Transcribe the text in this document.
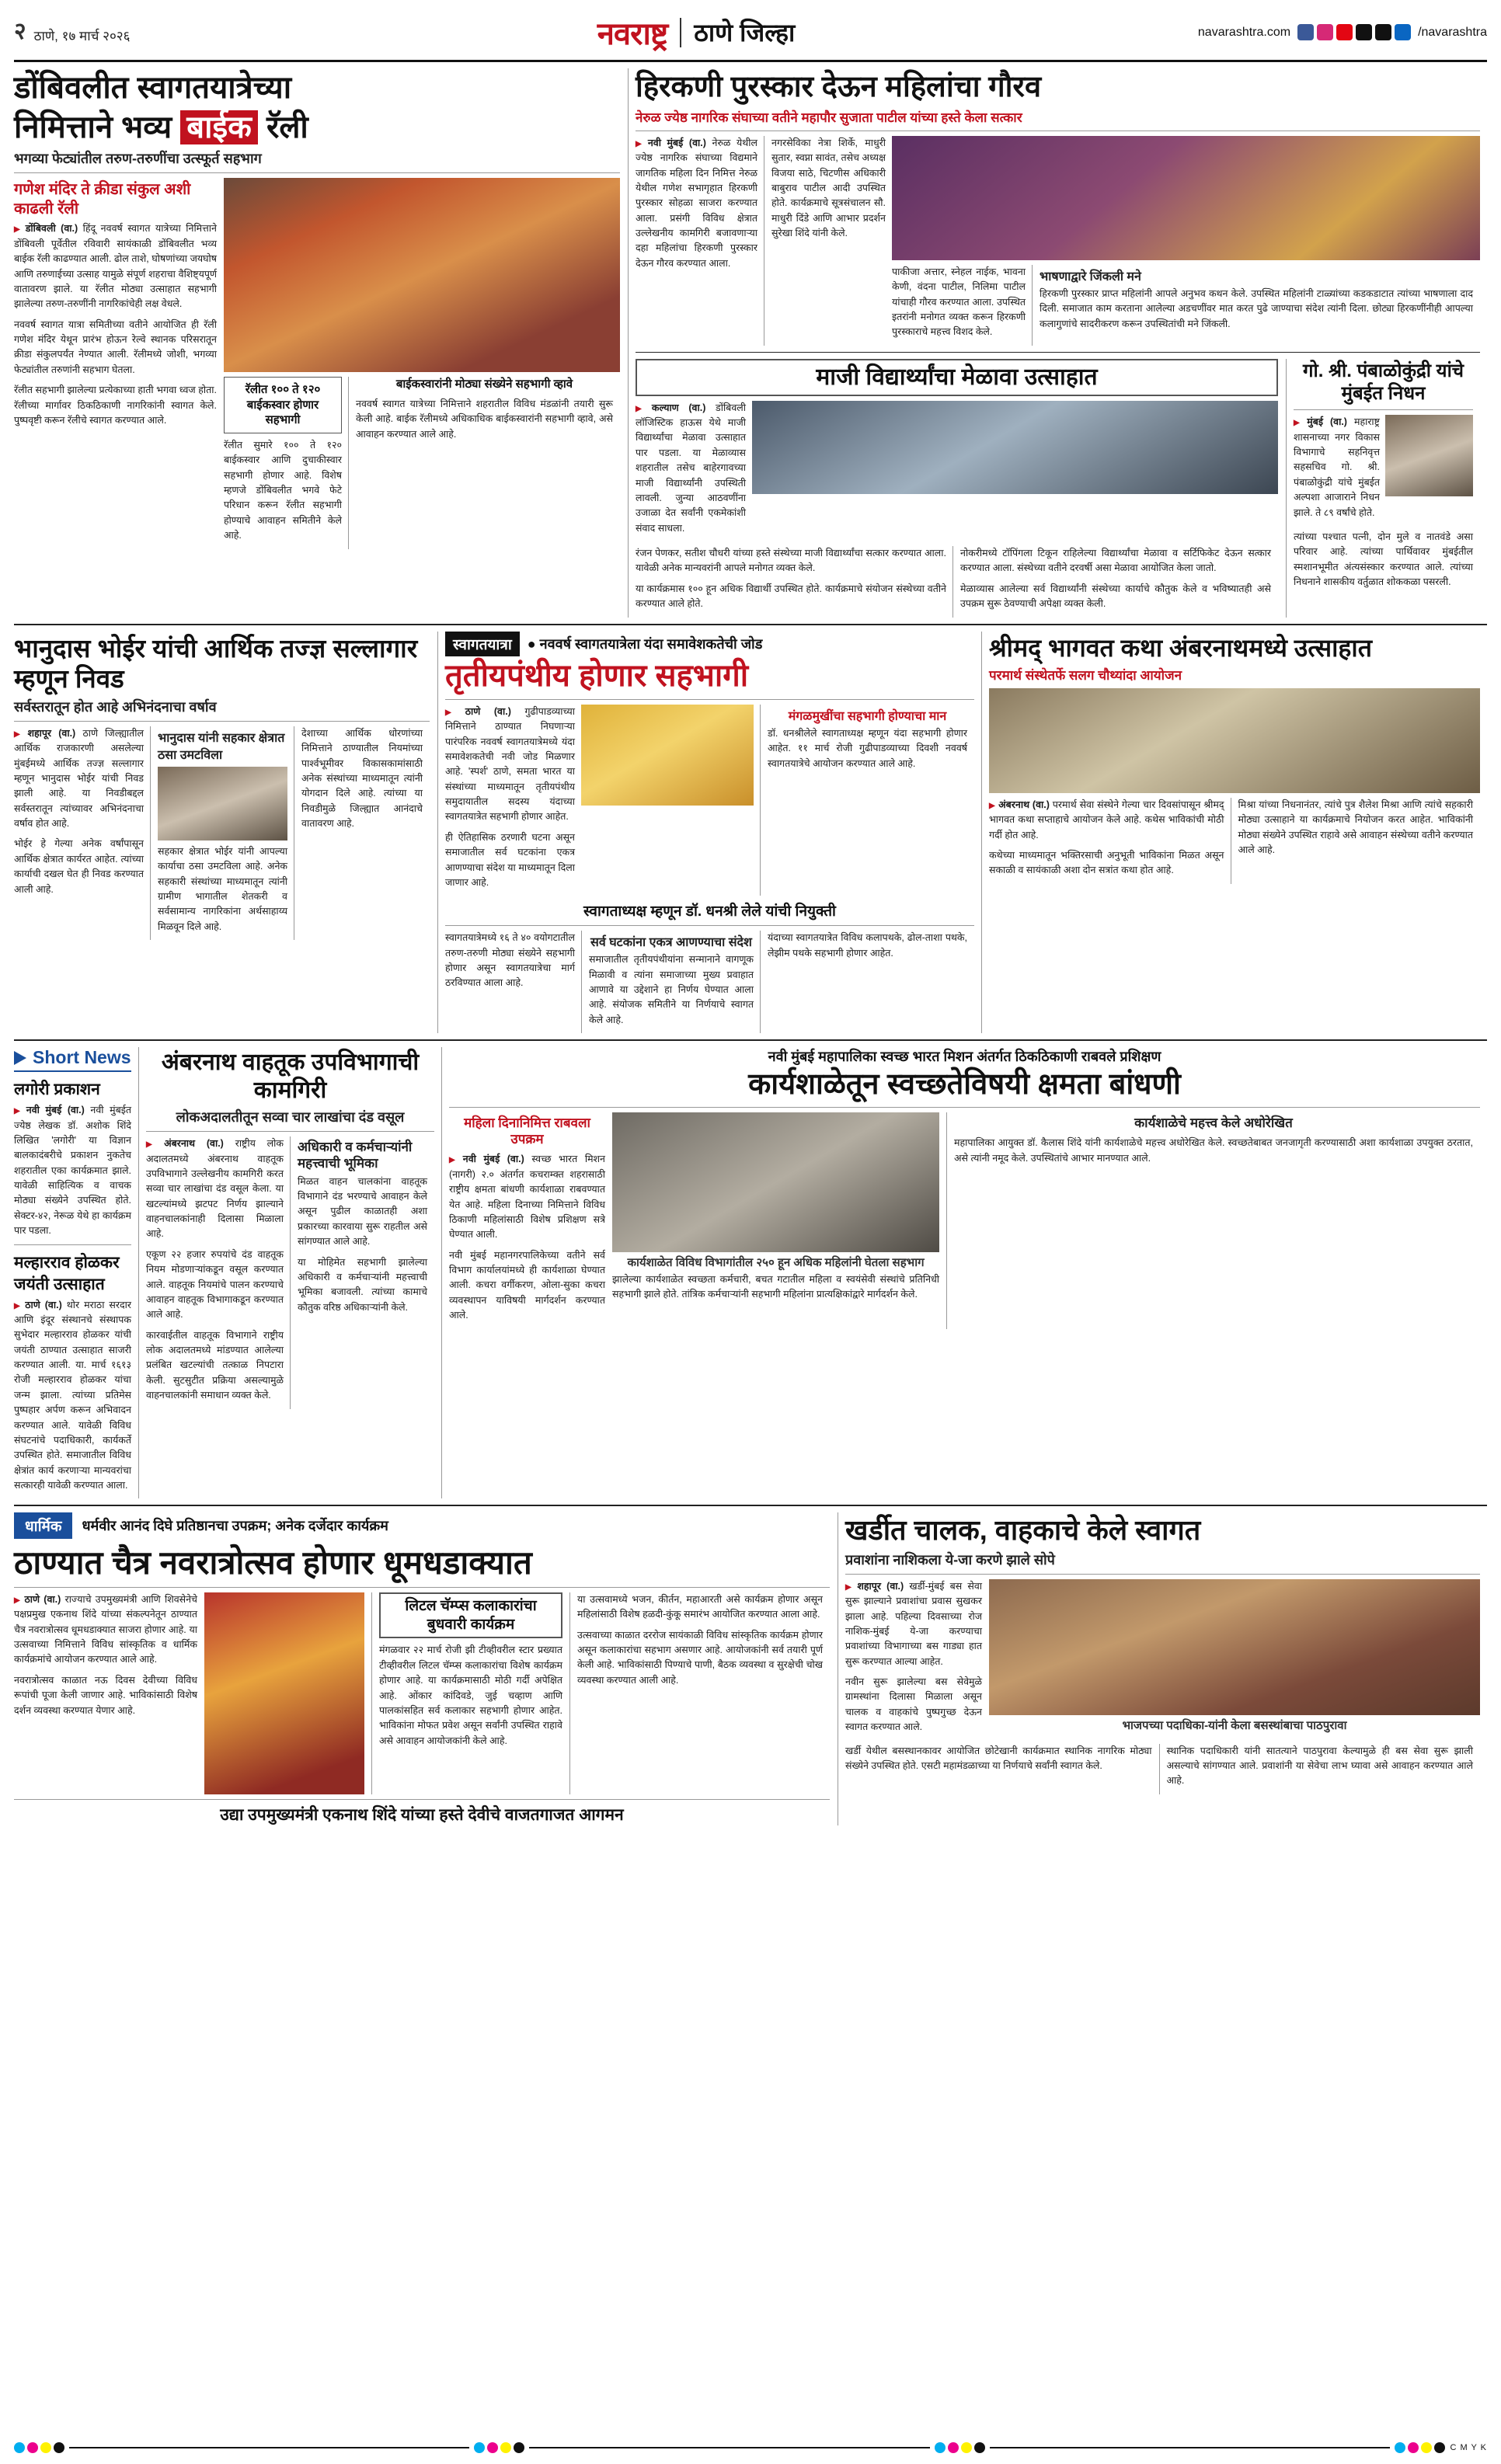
२ ठाणे, १७ मार्च २०२६	नवराष्ट्र ठाणे जिल्हा	navarashtra.com	/navarashtra
डोंबिवलीत स्वागतयात्रेच्या
निमित्ताने भव्य बाईक रॅली
भगव्या फेट्यांतील तरुण-तरुणींचा उत्स्फूर्त सहभाग
गणेश मंदिर ते क्रीडा संकुल अशी काढली रॅली

▶ डोंबिवली (वा.) हिंदू नववर्ष स्वागत यात्रेच्या निमित्ताने डोंबिवली पूर्वेतील रविवारी सायंकाळी डोंबिवलीत भव्य बाईक रॅली काढण्यात आली. ढोल ताशे, घोषणांच्या जयघोष आणि तरुणाईच्या उत्साह यामुळे संपूर्ण शहराचा वैशिष्ट्यपूर्ण वातावरण झाले. या रॅलीत मोठ्या उत्साहात सहभागी झालेल्या तरुण-तरुणींनी नागरिकांचेही लक्ष वेधले.

नववर्ष स्वागत यात्रा समितीच्या वतीने आयोजित ही रॅली गणेश मंदिर येथून प्रारंभ होऊन रेल्वे स्थानक परिसरातून क्रीडा संकुलपर्यंत नेण्यात आली. रॅलीमध्ये जोशी, भगव्या फेट्यांतील तरुणांनी सहभाग घेतला.

रॅलीत सहभागी झालेल्या प्रत्येकाच्या हाती भगवा ध्वज होता. रॅलीच्या मार्गावर ठिकठिकाणी नागरिकांनी स्वागत केले. पुष्पवृष्टी करून रॅलीचे स्वागत करण्यात आले.

रॅलीत १०० ते १२० बाईकस्वार होणार सहभागी

रॅलीत सुमारे १०० ते १२० बाईकस्वार आणि दुचाकीस्वार सहभागी होणार आहे. विशेष म्हणजे डोंबिवलीत भगवे फेटे परिधान करून रॅलीत सहभागी होण्याचे आवाहन समितीने केले आहे.

बाईकस्वारांनी मोठ्या संख्येने सहभागी व्हावे

नववर्ष स्वागत यात्रेच्या निमित्ताने शहरातील विविध मंडळांनी तयारी सुरू केली आहे. बाईक रॅलीमध्ये अधिकाधिक बाईकस्वारांनी सहभागी व्हावे, असे आवाहन करण्यात आले आहे.

हिरकणी पुरस्कार देऊन महिलांचा गौरव
नेरुळ ज्येष्ठ नागरिक संघाच्या वतीने महापौर सुजाता पाटील यांच्या हस्ते केला सत्कार

▶ नवी मुंबई (वा.) नेरुळ येथील ज्येष्ठ नागरिक संघाच्या विद्यमाने जागतिक महिला दिन निमित्त नेरुळ येथील गणेश सभागृहात हिरकणी पुरस्कार सोहळा साजरा करण्यात आला. प्रसंगी विविध क्षेत्रात उल्लेखनीय कामगिरी बजावणाऱ्या दहा महिलांचा हिरकणी पुरस्कार देऊन गौरव करण्यात आला.

नगरसेविका नेत्रा शिर्के, माधुरी सुतार, स्वप्ना सावंत, तसेच अध्यक्ष विजया साठे, चिटणीस अधिकारी बाबुराव पाटील आदी उपस्थित होते. कार्यक्रमाचे सूत्रसंचालन सौ. माधुरी दिंडे आणि आभार प्रदर्शन सुरेखा शिंदे यांनी केले.

पाकीजा अत्तार, स्नेहल नाईक, भावना केणी, वंदना पाटील, निलिमा पाटील यांचाही गौरव करण्यात आला. उपस्थित इतरांनी मनोगत व्यक्त करून हिरकणी पुरस्काराचे महत्त्व विशद केले.

भाषणाद्वारे जिंकली मने

हिरकणी पुरस्कार प्राप्त महिलांनी आपले अनुभव कथन केले. उपस्थित महिलांनी टाळ्यांच्या कडकडाटात त्यांच्या भाषणाला दाद दिली. समाजात काम करताना आलेल्या अडचणींवर मात करत पुढे जाण्याचा संदेश त्यांनी दिला. छोट्या हिरकणींनीही आपल्या कलागुणांचे सादरीकरण करून उपस्थितांची मने जिंकली.

माजी विद्यार्थ्यांचा मेळावा उत्साहात

▶ कल्याण (वा.) डोंबिवली लॉजिस्टिक हाऊस येथे माजी विद्यार्थ्यांचा मेळावा उत्साहात पार पडला. या मेळाव्यास शहरातील तसेच बाहेरगावच्या माजी विद्यार्थ्यांनी उपस्थिती लावली. जुन्या आठवणींना उजाळा देत सर्वांनी एकमेकांशी संवाद साधला.

रंजन पेणकर, सतीश चौधरी यांच्या हस्ते संस्थेच्या माजी विद्यार्थ्यांचा सत्कार करण्यात आला. यावेळी अनेक मान्यवरांनी आपले मनोगत व्यक्त केले.

या कार्यक्रमास १०० हून अधिक विद्यार्थी उपस्थित होते. कार्यक्रमाचे संयोजन संस्थेच्या वतीने करण्यात आले होते.

नोकरीमध्ये टॉपिंगला टिकून राहिलेल्या विद्यार्थ्यांचा मेळावा व सर्टिफिकेट देऊन सत्कार करण्यात आला. संस्थेच्या वतीने दरवर्षी असा मेळावा आयोजित केला जातो.

मेळाव्यास आलेल्या सर्व विद्यार्थ्यांनी संस्थेच्या कार्याचे कौतुक केले व भविष्यातही असे उपक्रम सुरू ठेवण्याची अपेक्षा व्यक्त केली.

गो. श्री. पंबाळोकुंद्री यांचे मुंबईत निधन

▶ मुंबई (वा.) महाराष्ट्र शासनाच्या नगर विकास विभागाचे सहनिवृत्त सहसचिव गो. श्री. पंबाळोकुंद्री यांचे मुंबईत अल्पशा आजाराने निधन झाले. ते ८९ वर्षांचे होते.

त्यांच्या पश्चात पत्नी, दोन मुले व नातवंडे असा परिवार आहे. त्यांच्या पार्थिवावर मुंबईतील स्मशानभूमीत अंत्यसंस्कार करण्यात आले. त्यांच्या निधनाने शासकीय वर्तुळात शोककळा पसरली.

भानुदास भोईर यांची आर्थिक तज्ज्ञ सल्लागार म्हणून निवड
सर्वस्तरातून होत आहे अभिनंदनाचा वर्षाव

▶ शहापूर (वा.) ठाणे जिल्ह्यातील आर्थिक राजकारणी असलेल्या मुंबईमध्ये आर्थिक तज्ज्ञ सल्लागार म्हणून भानुदास भोईर यांची निवड झाली आहे. या निवडीबद्दल सर्वस्तरातून त्यांच्यावर अभिनंदनाचा वर्षाव होत आहे.

भोईर हे गेल्या अनेक वर्षांपासून आर्थिक क्षेत्रात कार्यरत आहेत. त्यांच्या कार्याची दखल घेत ही निवड करण्यात आली आहे.

भानुदास यांनी सहकार क्षेत्रात ठसा उमटविला

सहकार क्षेत्रात भोईर यांनी आपल्या कार्याचा ठसा उमटविला आहे. अनेक सहकारी संस्थांच्या माध्यमातून त्यांनी ग्रामीण भागातील शेतकरी व सर्वसामान्य नागरिकांना अर्थसाहाय्य मिळवून दिले आहे.

देशाच्या आर्थिक धोरणांच्या निमित्ताने ठाण्यातील नियमांच्या पार्श्वभूमीवर विकासकामांसाठी अनेक संस्थांच्या माध्यमातून त्यांनी योगदान दिले आहे. त्यांच्या या निवडीमुळे जिल्ह्यात आनंदाचे वातावरण आहे.

स्वागतयात्रा	● नववर्ष स्वागतयात्रेला यंदा समावेशकतेची जोड
तृतीयपंथीय होणार सहभागी

▶ ठाणे (वा.) गुढीपाडव्याच्या निमित्ताने ठाण्यात निघणाऱ्या पारंपरिक नववर्ष स्वागतयात्रेमध्ये यंदा समावेशकतेची नवी जोड मिळणार आहे. 'स्पर्श' ठाणे, समता भारत या संस्थांच्या माध्यमातून तृतीयपंथीय समुदायातील सदस्य यंदाच्या स्वागतयात्रेत सहभागी होणार आहेत.

ही ऐतिहासिक ठरणारी घटना असून समाजातील सर्व घटकांना एकत्र आणण्याचा संदेश या माध्यमातून दिला जाणार आहे.

मंगळमुखींचा सहभागी होण्याचा मान

डॉ. धनश्रीलेले स्वागताध्यक्ष म्हणून यंदा सहभागी होणार आहेत. ११ मार्च रोजी गुढीपाडव्याच्या दिवशी नववर्ष स्वागतयात्रेचे आयोजन करण्यात आले आहे.

स्वागताध्यक्ष म्हणून डॉ. धनश्री लेले यांची नियुक्ती

स्वागतयात्रेमध्ये १६ ते ४० वयोगटातील तरुण-तरुणी मोठ्या संख्येने सहभागी होणार असून स्वागतयात्रेचा मार्ग ठरविण्यात आला आहे.

सर्व घटकांना एकत्र आणण्याचा संदेश

समाजातील तृतीयपंथीयांना सन्मानाने वागणूक मिळावी व त्यांना समाजाच्या मुख्य प्रवाहात आणावे या उद्देशाने हा निर्णय घेण्यात आला आहे. संयोजक समितीने या निर्णयाचे स्वागत केले आहे.

यंदाच्या स्वागतयात्रेत विविध कलापथके, ढोल-ताशा पथके, लेझीम पथके सहभागी होणार आहेत.

श्रीमद् भागवत कथा अंबरनाथमध्ये उत्साहात
परमार्थ संस्थेतर्फे सलग चौथ्यांदा आयोजन

▶ अंबरनाथ (वा.) परमार्थ सेवा संस्थेने गेल्या चार दिवसांपासून श्रीमद् भागवत कथा सप्ताहाचे आयोजन केले आहे. कथेस भाविकांची मोठी गर्दी होत आहे.

कथेच्या माध्यमातून भक्तिरसाची अनुभूती भाविकांना मिळत असून सकाळी व सायंकाळी अशा दोन सत्रांत कथा होत आहे.

मिश्रा यांच्या निधनानंतर, त्यांचे पुत्र शैलेश मिश्रा आणि त्यांचे सहकारी मोठ्या उत्साहाने या कार्यक्रमाचे नियोजन करत आहेत. भाविकांनी मोठ्या संख्येने उपस्थित राहावे असे आवाहन संस्थेच्या वतीने करण्यात आले आहे.

Short News
लगोरी प्रकाशन

▶ नवी मुंबई (वा.) नवी मुंबईत ज्येष्ठ लेखक डॉ. अशोक शिंदे लिखित 'लगोरी' या विज्ञान बालकादंबरीचे प्रकाशन नुकतेच शहरातील एका कार्यक्रमात झाले. यावेळी साहित्यिक व वाचक मोठ्या संख्येने उपस्थित होते. सेक्टर-४२, नेरूळ येथे हा कार्यक्रम पार पडला.

मल्हारराव होळकर जयंती उत्साहात

▶ ठाणे (वा.) थोर मराठा सरदार आणि इंदूर संस्थानचे संस्थापक सुभेदार मल्हारराव होळकर यांची जयंती ठाण्यात उत्साहात साजरी करण्यात आली. या. मार्च १६१३ रोजी मल्हारराव होळकर यांचा जन्म झाला. त्यांच्या प्रतिमेस पुष्पहार अर्पण करून अभिवादन करण्यात आले. यावेळी विविध संघटनांचे पदाधिकारी, कार्यकर्ते उपस्थित होते. समाजातील विविध क्षेत्रांत कार्य करणाऱ्या मान्यवरांचा सत्कारही यावेळी करण्यात आला.

अंबरनाथ वाहतूक उपविभागाची कामगिरी
लोकअदालतीतून सव्वा चार लाखांचा दंड वसूल

▶ अंबरनाथ (वा.) राष्ट्रीय लोक अदालतमध्ये अंबरनाथ वाहतूक उपविभागाने उल्लेखनीय कामगिरी करत सव्वा चार लाखांचा दंड वसूल केला. या खटल्यांमध्ये झटपट निर्णय झाल्याने वाहनचालकांनाही दिलासा मिळाला आहे.

एकूण २२ हजार रुपयांचे दंड वाहतूक नियम मोडणाऱ्यांकडून वसूल करण्यात आले. वाहतूक नियमांचे पालन करण्याचे आवाहन वाहतूक विभागाकडून करण्यात आले आहे.

कारवाईतील वाहतूक विभागाने राष्ट्रीय लोक अदालतमध्ये मांडण्यात आलेल्या प्रलंबित खटल्यांची तत्काळ निपटारा केली. सुटसुटीत प्रक्रिया असल्यामुळे वाहनचालकांनी समाधान व्यक्त केले.

अधिकारी व कर्मचाऱ्यांनी महत्त्वाची भूमिका

मिळत वाहन चालकांना वाहतूक विभागाने दंड भरण्याचे आवाहन केले असून पुढील काळातही अशा प्रकारच्या कारवाया सुरू राहतील असे सांगण्यात आले आहे.

या मोहिमेत सहभागी झालेल्या अधिकारी व कर्मचाऱ्यांनी महत्त्वाची भूमिका बजावली. त्यांच्या कामाचे कौतुक वरिष्ठ अधिकाऱ्यांनी केले.

नवी मुंबई महापालिका स्वच्छ भारत मिशन अंतर्गत ठिकठिकाणी राबवले प्रशिक्षण
कार्यशाळेतून स्वच्छतेविषयी क्षमता बांधणी
महिला दिनानिमित्त राबवला उपक्रम

▶ नवी मुंबई (वा.) स्वच्छ भारत मिशन (नागरी) २.० अंतर्गत कचराम्क्त शहरासाठी राष्ट्रीय क्षमता बांधणी कार्यशाळा राबवण्यात येत आहे. महिला दिनाच्या निमित्ताने विविध ठिकाणी महिलांसाठी विशेष प्रशिक्षण सत्रे घेण्यात आली.

नवी मुंबई महानगरपालिकेच्या वतीने सर्व विभाग कार्यालयांमध्ये ही कार्यशाळा घेण्यात आली. कचरा वर्गीकरण, ओला-सुका कचरा व्यवस्थापन याविषयी मार्गदर्शन करण्यात आले.

कार्यशाळेत विविध विभागांतील २५० हून अधिक महिलांनी घेतला सहभाग

झालेल्या कार्यशाळेत स्वच्छता कर्मचारी, बचत गटातील महिला व स्वयंसेवी संस्थांचे प्रतिनिधी सहभागी झाले होते. तांत्रिक कर्मचाऱ्यांनी सहभागी महिलांना प्रात्यक्षिकांद्वारे मार्गदर्शन केले.

कार्यशाळेचे महत्त्व केले अधोरेखित

महापालिका आयुक्त डॉ. कैलास शिंदे यांनी कार्यशाळेचे महत्त्व अधोरेखित केले. स्वच्छतेबाबत जनजागृती करण्यासाठी अशा कार्यशाळा उपयुक्त ठरतात, असे त्यांनी नमूद केले. उपस्थितांचे आभार मानण्यात आले.

धार्मिक	धर्मवीर आनंद दिघे प्रतिष्ठानचा उपक्रम; अनेक दर्जेदार कार्यक्रम
ठाण्यात चैत्र नवरात्रोत्सव होणार धूमधडाक्यात

▶ ठाणे (वा.) राज्याचे उपमुख्यमंत्री आणि शिवसेनेचे पक्षप्रमुख एकनाथ शिंदे यांच्या संकल्पनेतून ठाण्यात चैत्र नवरात्रोत्सव धूमधडाक्यात साजरा होणार आहे. या उत्सवाच्या निमित्ताने विविध सांस्कृतिक व धार्मिक कार्यक्रमांचे आयोजन करण्यात आले आहे.

नवरात्रोत्सव काळात नऊ दिवस देवीच्या विविध रूपांची पूजा केली जाणार आहे. भाविकांसाठी विशेष दर्शन व्यवस्था करण्यात येणार आहे.

लिटल चॅम्प्स कलाकारांचा बुधवारी कार्यक्रम

मंगळवार २२ मार्च रोजी झी टीव्हीवरील स्टार प्रख्यात टीव्हीवरील लिटल चॅम्प्स कलाकारांचा विशेष कार्यक्रम होणार आहे. या कार्यक्रमासाठी मोठी गर्दी अपेक्षित आहे. ओंकार कांदिवडे, जुई चव्हाण आणि पालकांसहित सर्व कलाकार सहभागी होणार आहेत. भाविकांना मोफत प्रवेश असून सर्वांनी उपस्थित राहावे असे आवाहन आयोजकांनी केले आहे.

या उत्सवामध्ये भजन, कीर्तन, महाआरती असे कार्यक्रम होणार असून महिलांसाठी विशेष हळदी-कुंकू समारंभ आयोजित करण्यात आला आहे.

उत्सवाच्या काळात दररोज सायंकाळी विविध सांस्कृतिक कार्यक्रम होणार असून कलाकारांचा सहभाग असणार आहे. आयोजकांनी सर्व तयारी पूर्ण केली आहे. भाविकांसाठी पिण्याचे पाणी, बैठक व्यवस्था व सुरक्षेची चोख व्यवस्था करण्यात आली आहे.

उद्या उपमुख्यमंत्री एकनाथ शिंदे यांच्या हस्ते देवीचे वाजतगाजत आगमन
खर्डीत चालक, वाहकाचे केले स्वागत
प्रवाशांना नाशिकला ये-जा करणे झाले सोपे

▶ शहापूर (वा.) खर्डी-मुंबई बस सेवा सुरू झाल्याने प्रवाशांचा प्रवास सुखकर झाला आहे. पहिल्या दिवसाच्या रोज नाशिक-मुंबई ये-जा करण्याचा प्रवाशांच्या विभागाच्या बस गाड्या हात सुरू करण्यात आल्या आहेत.

नवीन सुरू झालेल्या बस सेवेमुळे ग्रामस्थांना दिलासा मिळाला असून चालक व वाहकांचे पुष्पगुच्छ देऊन स्वागत करण्यात आले.	भाजपच्या पदाधिका-यांनी केला बसस्थांबाचा पाठपुरावा

खर्डी येथील बसस्थानकावर आयोजित छोटेखानी कार्यक्रमात स्थानिक नागरिक मोठ्या संख्येने उपस्थित होते. एसटी महामंडळाच्या या निर्णयाचे सर्वांनी स्वागत केले.

स्थानिक पदाधिकारी यांनी सातत्याने पाठपुरावा केल्यामुळे ही बस सेवा सुरू झाली असल्याचे सांगण्यात आले. प्रवाशांनी या सेवेचा लाभ घ्यावा असे आवाहन करण्यात आले आहे.

C M Y K
